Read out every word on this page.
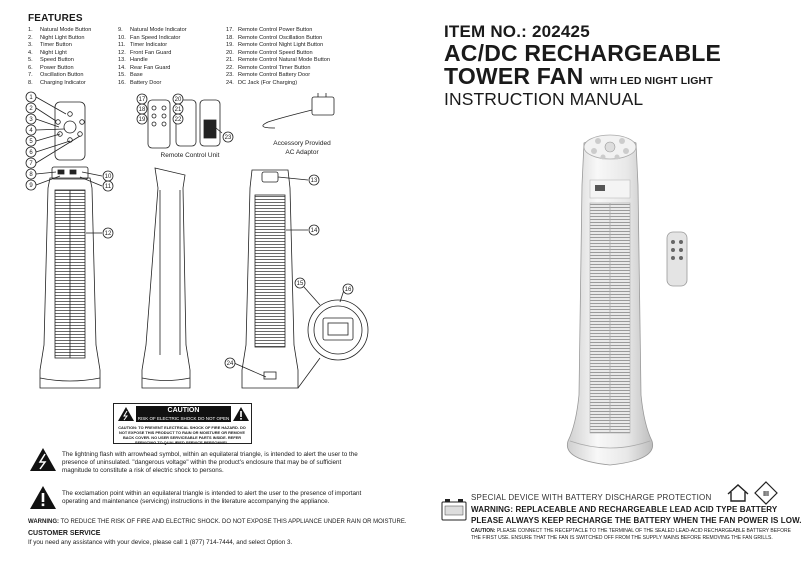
FEATURES
1. Natural Mode Button
2. Night Light Button
3. Timer Button
4. Night Light
5. Speed Button
6. Power Button
7. Oscillation Button
8. Charging Indicator
9. Natural Mode Indicator
10. Fan Speed Indicator
11. Timer Indicator
12. Front Fan Guard
13. Handle
14. Rear Fan Guard
15. Base
16. Battery Door
17. Remote Control Power Button
18. Remote Control Oscillation Button
19. Remote Control Night Light Button
20. Remote Control Speed Button
21. Remote Control Natural Mode Button
22. Remote Control Timer Button
23. Remote Control Battery Door
24. DC Jack (For Charging)
1
2
3
4
5
6
7
8
9
10
11
12
13
14
15
16
17
18
19
20
21
22
23
24
Remote Control Unit
Accessory Provided
AC Adaptor
CAUTION
RISK OF ELECTRIC SHOCK DO NOT OPEN
CAUTION: TO PREVENT ELECTRICAL SHOCK OF FIRE HAZARD. DO NOT EXPOSE THIS PRODUCT TO RAIN OR MOISTURE OR REMOVE BACK COVER. NO USER SERVICEABLE PARTS INSIDE. REFER SERVICING TO QUALIFIED SERVICE PERSONNEL.
The lightning flash with arrowhead symbol, within an equilateral triangle, is intended to alert the user to the presence of uninsulated. "dangerous voltage" within the product's enclosure that may be of sufficient magnitude to constitute a risk of electric shock to persons.
The exclamation point within an equilateral triangle is intended to alert the user to the presence of important operating and maintenance (servicing) instructions in the literature accompanying the appliance.
WARNING: TO REDUCE THE RISK OF FIRE AND ELECTRIC SHOCK. DO NOT EXPOSE THIS APPLIANCE UNDER RAIN OR MOISTURE.
CUSTOMER SERVICE
If you need any assistance with your device, please call 1 (877) 714-7444, and select Option 3.
ITEM NO.: 202425
AC/DC RECHARGEABLE
TOWER FAN WITH LED NIGHT LIGHT
INSTRUCTION MANUAL
SPECIAL DEVICE WITH BATTERY DISCHARGE PROTECTION	III
WARNING: REPLACEABLE AND RECHARGEABLE LEAD ACID TYPE BATTERY
PLEASE ALWAYS KEEP RECHARGE THE BATTERY WHEN THE FAN POWER IS LOW.
CAUTION: PLEASE CONNECT THE RECEPTACLE TO THE TERMINAL OF THE SEALED LEAD-ACID RECHARGEABLE BATTERY BEFORE
THE FIRST USE. ENSURE THAT THE FAN IS SWITCHED OFF FROM THE SUPPLY MAINS BEFORE REMOVING THE FAN GRILLS.
